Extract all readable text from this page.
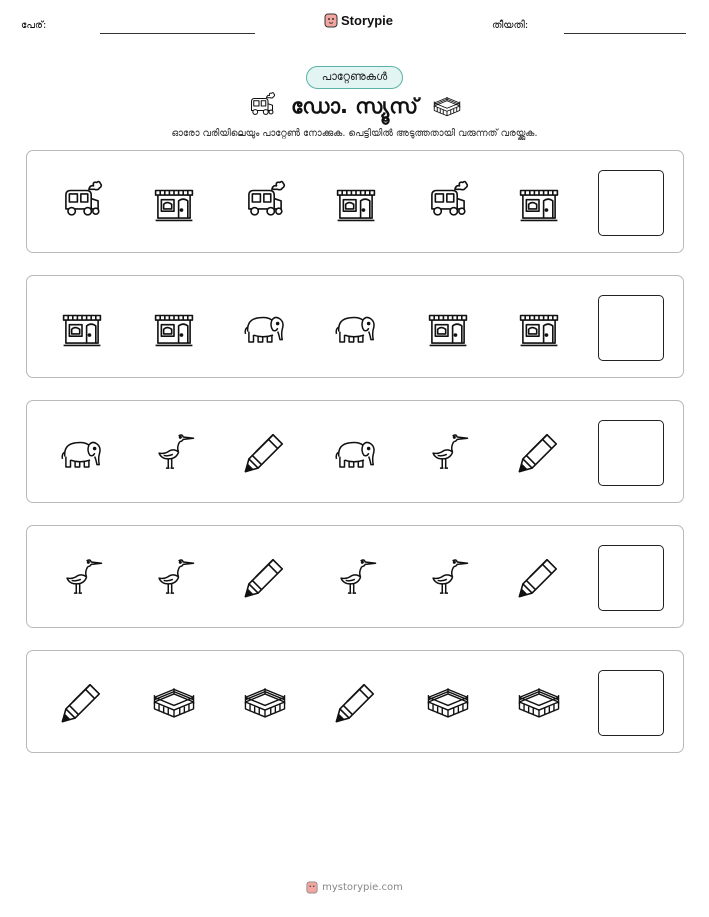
പേര്:	Storypie	തീയതി:
പാറ്റേണുകൾ
ഡോ. സ്യൂസ്
ഓരോ വരിയിലെയും പാറ്റേൺ നോക്കുക. പെട്ടിയിൽ അടുത്തതായി വരുന്നത് വരയ്ക്കുക.
mystorypie.com
